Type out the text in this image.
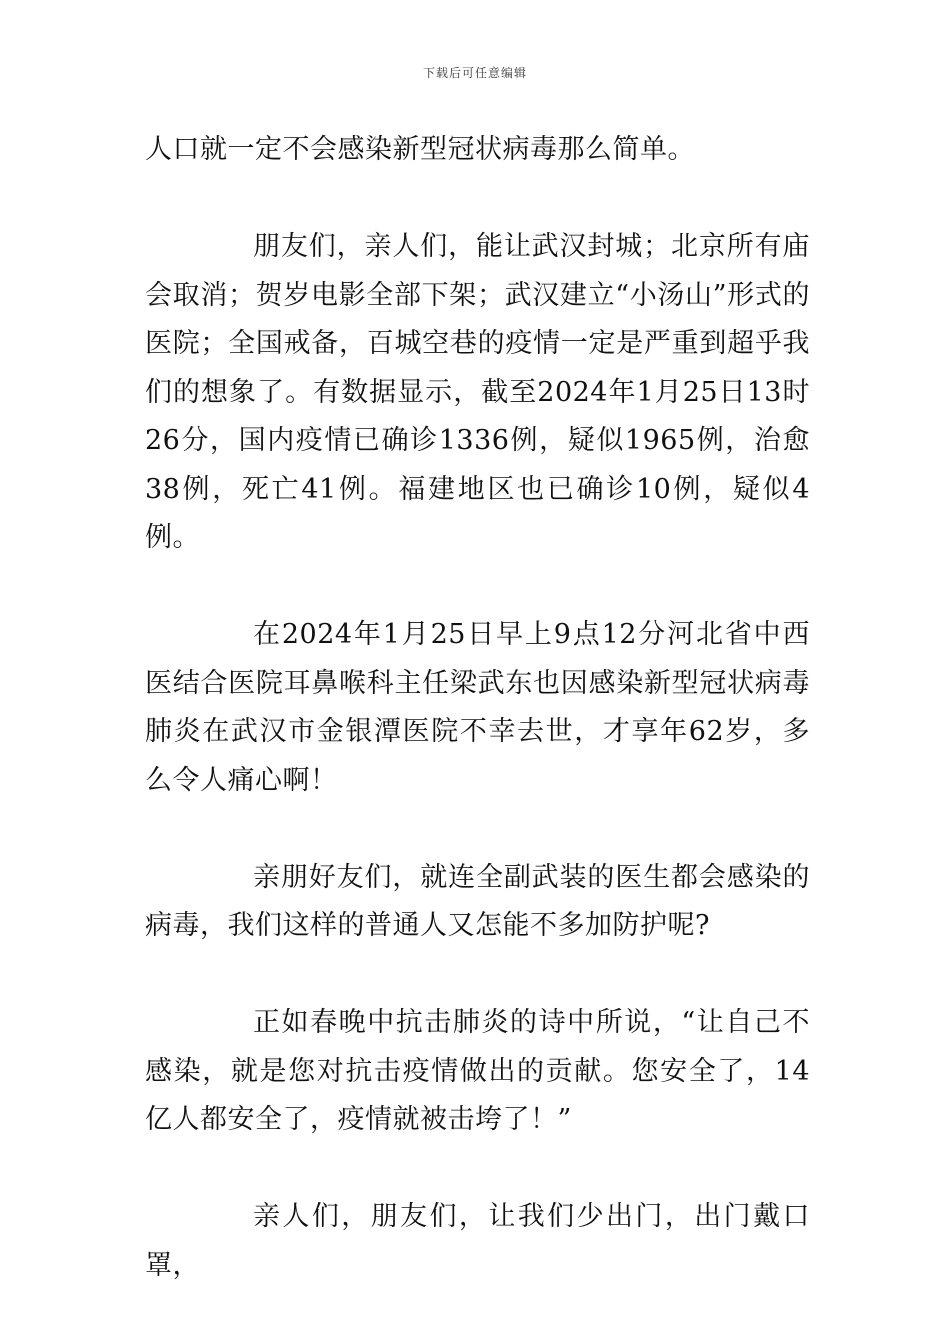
下载后可任意编辑

人口就一定不会感染新型冠状病毒那么简单。

朋友们，亲人们，能让武汉封城；北京所有庙会取消；贺岁电影全部下架；武汉建立“小汤山”形式的医院；全国戒备，百城空巷的疫情一定是严重到超乎我们的想象了。有数据显示，截至2024年1月25日13时26分，国内疫情已确诊1336例，疑似1965例，治愈38例，死亡41例。福建地区也已确诊10例，疑似4例。

在2024年1月25日早上9点12分河北省中西医结合医院耳鼻喉科主任梁武东也因感染新型冠状病毒肺炎在武汉市金银潭医院不幸去世，才享年62岁，多么令人痛心啊！

亲朋好友们，就连全副武装的医生都会感染的病毒，我们这样的普通人又怎能不多加防护呢?

正如春晚中抗击肺炎的诗中所说，“让自己不感染，就是您对抗击疫情做出的贡献。您安全了，14亿人都安全了，疫情就被击垮了！”

亲人们，朋友们，让我们少出门，出门戴口罩，
